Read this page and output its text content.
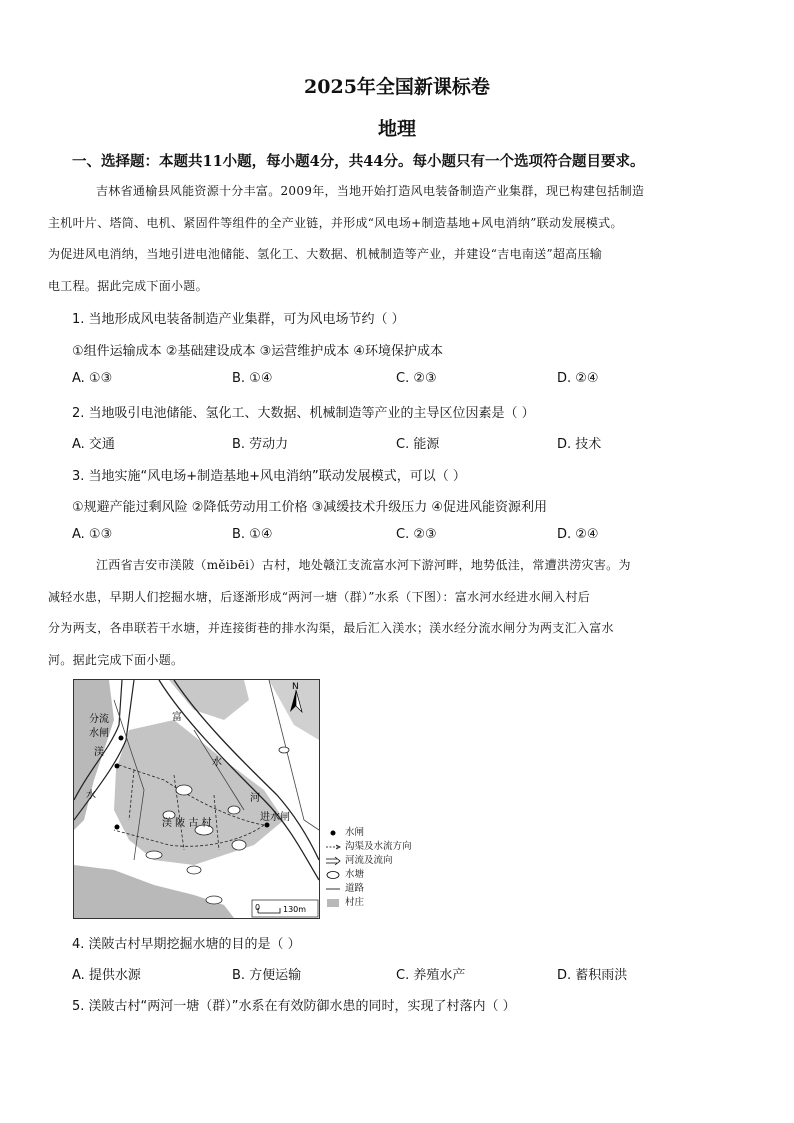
2025年全国新课标卷
地理
一、选择题：本题共11小题，每小题4分，共44分。每小题只有一个选项符合题目要求。
吉林省通榆县风能资源十分丰富。2009年，当地开始打造风电装备制造产业集群，现已构建包括制造
主机叶片、塔筒、电机、紧固件等组件的全产业链，并形成“风电场+制造基地+风电消纳”联动发展模式。
为促进风电消纳，当地引进电池储能、氢化工、大数据、机械制造等产业，并建设“吉电南送”超高压输
电工程。据此完成下面小题。
1. 当地形成风电装备制造产业集群，可为风电场节约（ ）
①组件运输成本 ②基础建设成本 ③运营维护成本 ④环境保护成本
A. ①③	B. ①④	C. ②③	D. ②④
2. 当地吸引电池储能、氢化工、大数据、机械制造等产业的主导区位因素是（ ）
A. 交通	B. 劳动力	C. 能源	D. 技术
3. 当地实施“风电场+制造基地+风电消纳”联动发展模式，可以（ ）
①规避产能过剩风险 ②降低劳动用工价格 ③减缓技术升级压力 ④促进风能资源利用
A. ①③	B. ①④	C. ②③	D. ②④
江西省吉安市渼陂（měibēi）古村，地处赣江支流富水河下游河畔，地势低洼，常遭洪涝灾害。为
减轻水患，早期人们挖掘水塘，后逐渐形成“两河一塘（群）”水系（下图）：富水河水经进水闸入村后
分为两支，各串联若干水塘，并连接街巷的排水沟渠，最后汇入渼水；渼水经分流水闸分为两支汇入富水
河。据此完成下面小题。
N
分流
水闸
渼
水
富
水
河
进水闸
渼 陂 古 村
0	130m
水闸
沟渠及水流方向
河流及流向
水塘
道路
村庄
4. 渼陂古村早期挖掘水塘的目的是（ ）
A. 提供水源	B. 方便运输	C. 养殖水产	D. 蓄积雨洪
5. 渼陂古村“两河一塘（群）”水系在有效防御水患的同时，实现了村落内（ ）
